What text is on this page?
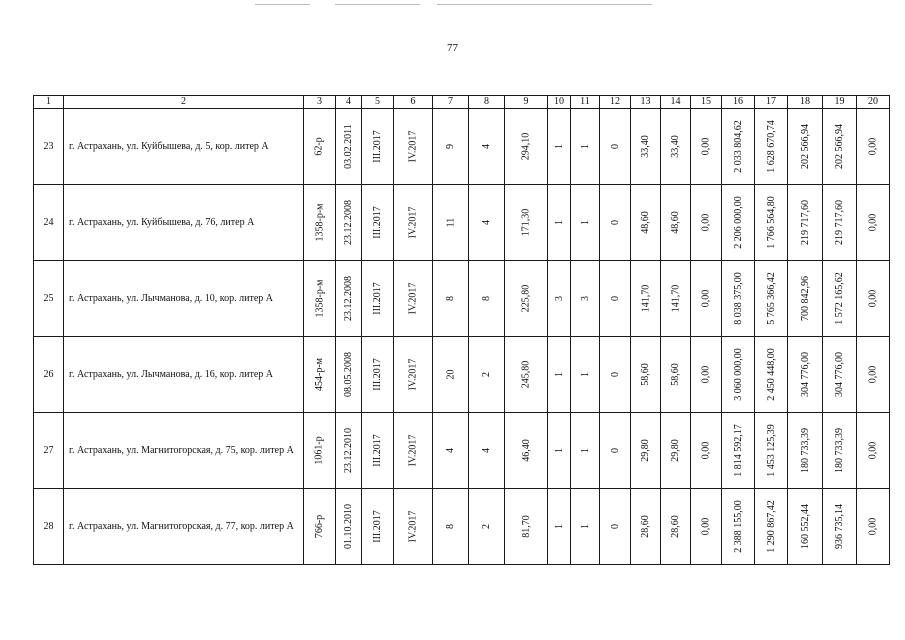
77
1	2	3	4	5	6	7	8	9	10	11	12	13	14	15	16	17	18	19	20
23	г. Астрахань, ул. Куйбышева, д. 5, кор. литер А	62-р	03.02.2011	III.2017	IV.2017	9	4	294,10	1	1	0	33,40	33,40	0,00	2 033 804,62	1 628 670,74	202 566,94	202 566,94	0,00

24	г. Астрахань, ул. Куйбышева, д. 76, литер А	1358-р-м	23.12.2008	III.2017	IV.2017	11	4	171,30	1	1	0	48,60	48,60	0,00	2 206 000,00	1 766 564,80	219 717,60	219 717,60	0,00

25	г. Астрахань, ул. Лычманова, д. 10, кор. литер А	1358-р-м	23.12.2008	III.2017	IV.2017	8	8	225,80	3	3	0	141,70	141,70	0,00	8 038 375,00	5 765 366,42	700 842,96	1 572 165,62	0,00

26	г. Астрахань, ул. Лычманова, д. 16, кор. литер А	454-р-м	08.05.2008	III.2017	IV.2017	20	2	245,80	1	1	0	58,60	58,60	0,00	3 060 000,00	2 450 448,00	304 776,00	304 776,00	0,00

27	г. Астрахань, ул. Магнитогорская, д. 75, кор. литер А	1061-р	23.12.2010	III.2017	IV.2017	4	4	46,40	1	1	0	29,80	29,80	0,00	1 814 592,17	1 453 125,39	180 733,39	180 733,39	0,00

28	г. Астрахань, ул. Магнитогорская, д. 77, кор. литер А	766-р	01.10.2010	III.2017	IV.2017	8	2	81,70	1	1	0	28,60	28,60	0,00	2 388 155,00	1 290 867,42	160 552,44	936 735,14	0,00
